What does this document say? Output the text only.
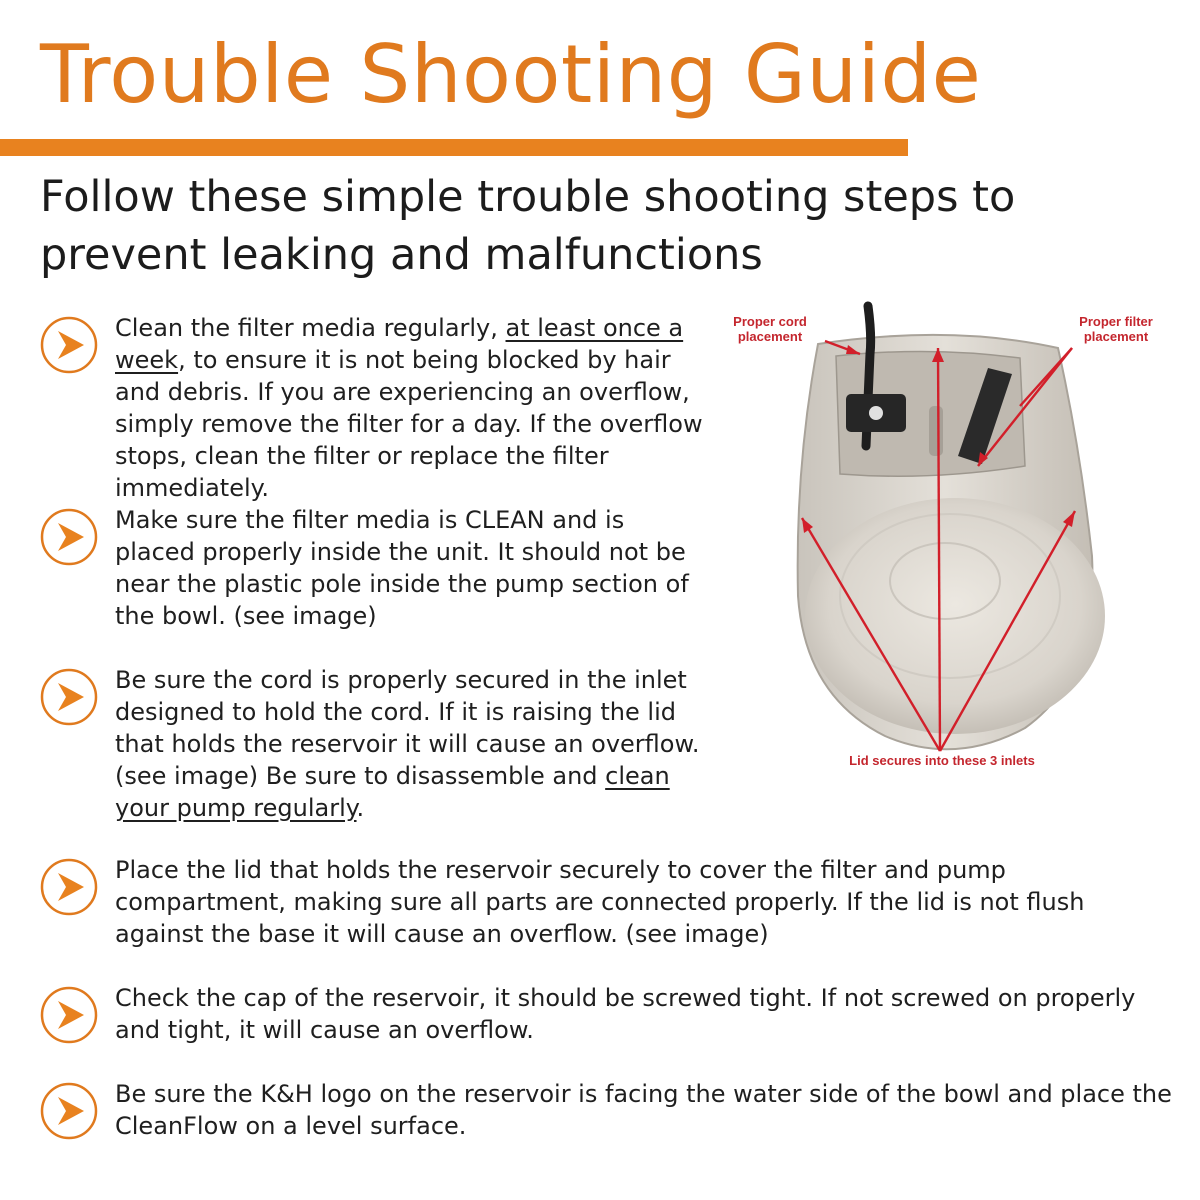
Trouble Shooting Guide
Follow these simple trouble shooting steps to prevent leaking and malfunctions
Clean the filter media regularly, at least once a week, to ensure it is not being blocked by hair and debris. If you are experiencing an overflow, simply remove the filter for a day. If the overflow stops, clean the filter or replace the filter immediately.
Make sure the filter media is CLEAN and is placed properly inside the unit. It should not be near the plastic pole inside the pump section of the bowl. (see image)
Be sure the cord is properly secured in the inlet designed to hold the cord. If it is raising the lid that holds the reservoir it will cause an overflow. (see image) Be sure to disassemble and clean your pump regularly.
Place the lid that holds the reservoir securely to cover the filter and pump compartment, making sure all parts are connected properly. If the lid is not flush against the base it will cause an overflow. (see image)
Check the cap of the reservoir, it should be screwed tight. If not screwed on properly and tight, it will cause an overflow.
Be sure the K&H logo on the reservoir is facing the water side of the bowl and place the CleanFlow on a level surface.
Proper cord placement
Proper filter placement
Lid secures into these 3 inlets
